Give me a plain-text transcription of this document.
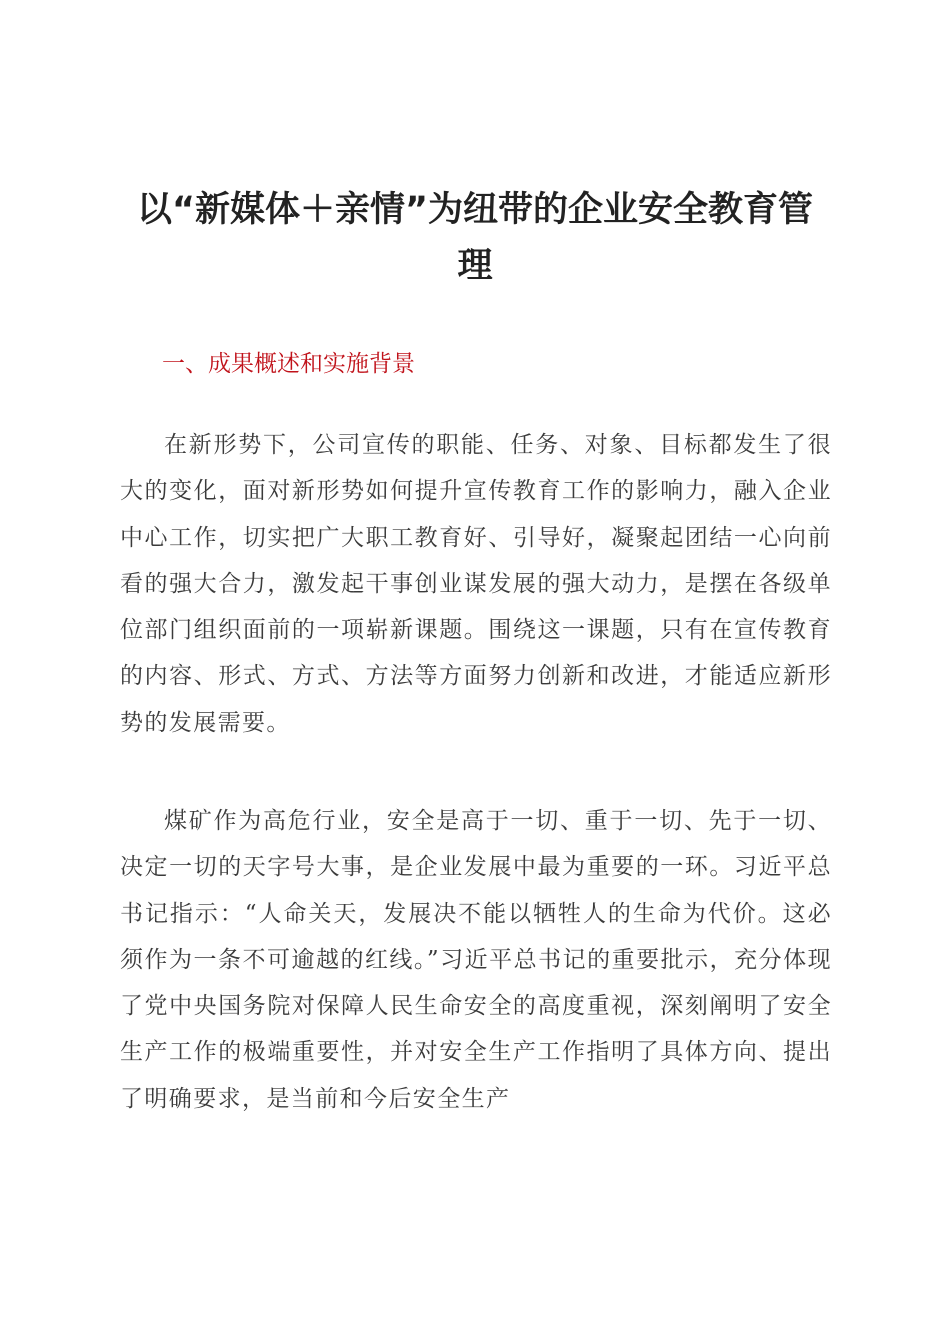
以“新媒体＋亲情”为纽带的企业安全教育管理
一、成果概述和实施背景

在新形势下，公司宣传的职能、任务、对象、目标都发生了很大的变化，面对新形势如何提升宣传教育工作的影响力，融入企业中心工作，切实把广大职工教育好、引导好，凝聚起团结一心向前看的强大合力，激发起干事创业谋发展的强大动力，是摆在各级单位部门组织面前的一项崭新课题。围绕这一课题，只有在宣传教育的内容、形式、方式、方法等方面努力创新和改进，才能适应新形势的发展需要。

煤矿作为高危行业，安全是高于一切、重于一切、先于一切、决定一切的天字号大事，是企业发展中最为重要的一环。习近平总书记指示：“人命关天，发展决不能以牺牲人的生命为代价。这必须作为一条不可逾越的红线。”习近平总书记的重要批示，充分体现了党中央国务院对保障人民生命安全的高度重视，深刻阐明了安全生产工作的极端重要性，并对安全生产工作指明了具体方向、提出了明确要求，是当前和今后安全生产
